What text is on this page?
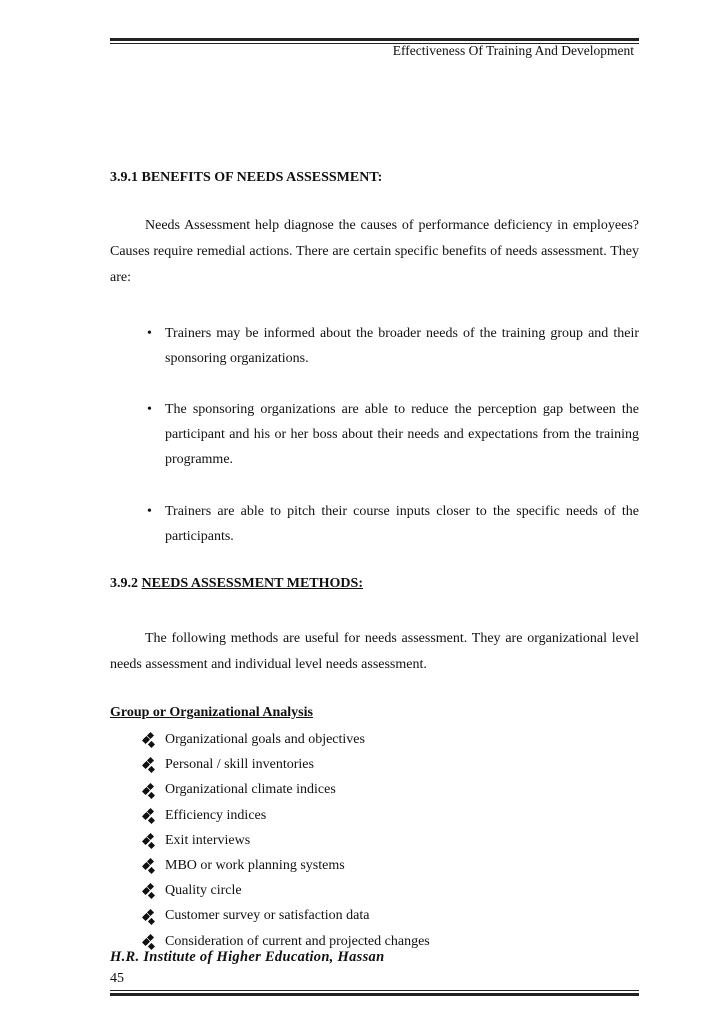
Effectiveness Of Training And Development
3.9.1 BENEFITS OF NEEDS ASSESSMENT:
Needs Assessment help diagnose the causes of performance deficiency in employees? Causes require remedial actions. There are certain specific benefits of needs assessment. They are:
• Trainers may be informed about the broader needs of the training group and their sponsoring organizations.
• The sponsoring organizations are able to reduce the perception gap between the participant and his or her boss about their needs and expectations from the training programme.
• Trainers are able to pitch their course inputs closer to the specific needs of the participants.
3.9.2 NEEDS ASSESSMENT METHODS:
The following methods are useful for needs assessment. They are organizational level needs assessment and individual level needs assessment.
Group or Organizational Analysis
Organizational goals and objectives
Personal / skill inventories
Organizational climate indices
Efficiency indices
Exit interviews
MBO or work planning systems
Quality circle
Customer survey or satisfaction data
Consideration of current and projected changes
H.R. Institute of Higher Education, Hassan
45
